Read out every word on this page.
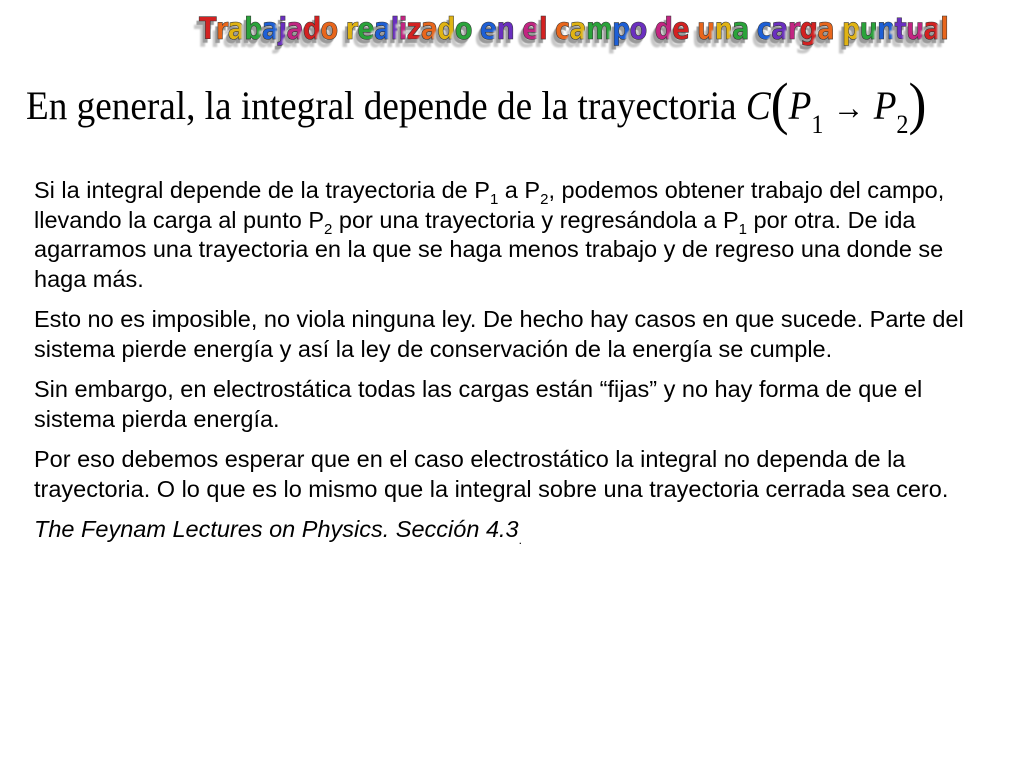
Trabajado realizado en el campo de una carga puntual
En general, la integral depende de la trayectoria $C(P_1 \to P_2)$

Si la integral depende de la trayectoria de $P_1$ a $P_2$, podemos obtener trabajo del campo, llevando la carga al punto $P_2$ por una trayectoria y regresándola a $P_1$ por otra. De ida agarramos una trayectoria en la que se haga menos trabajo y de regreso una donde se haga más.

Esto no es imposible, no viola ninguna ley. De hecho hay casos en que sucede. Parte del sistema pierde energía y así la ley de conservación de la energía se cumple.

Sin embargo, en electrostática todas las cargas están “fijas” y no hay forma de que el sistema pierda energía.

Por eso debemos esperar que en el caso electrostático la integral no dependa de la trayectoria. O lo que es lo mismo que la integral sobre una trayectoria cerrada sea cero.

The Feynam Lectures on Physics. Sección $4.3_.$
